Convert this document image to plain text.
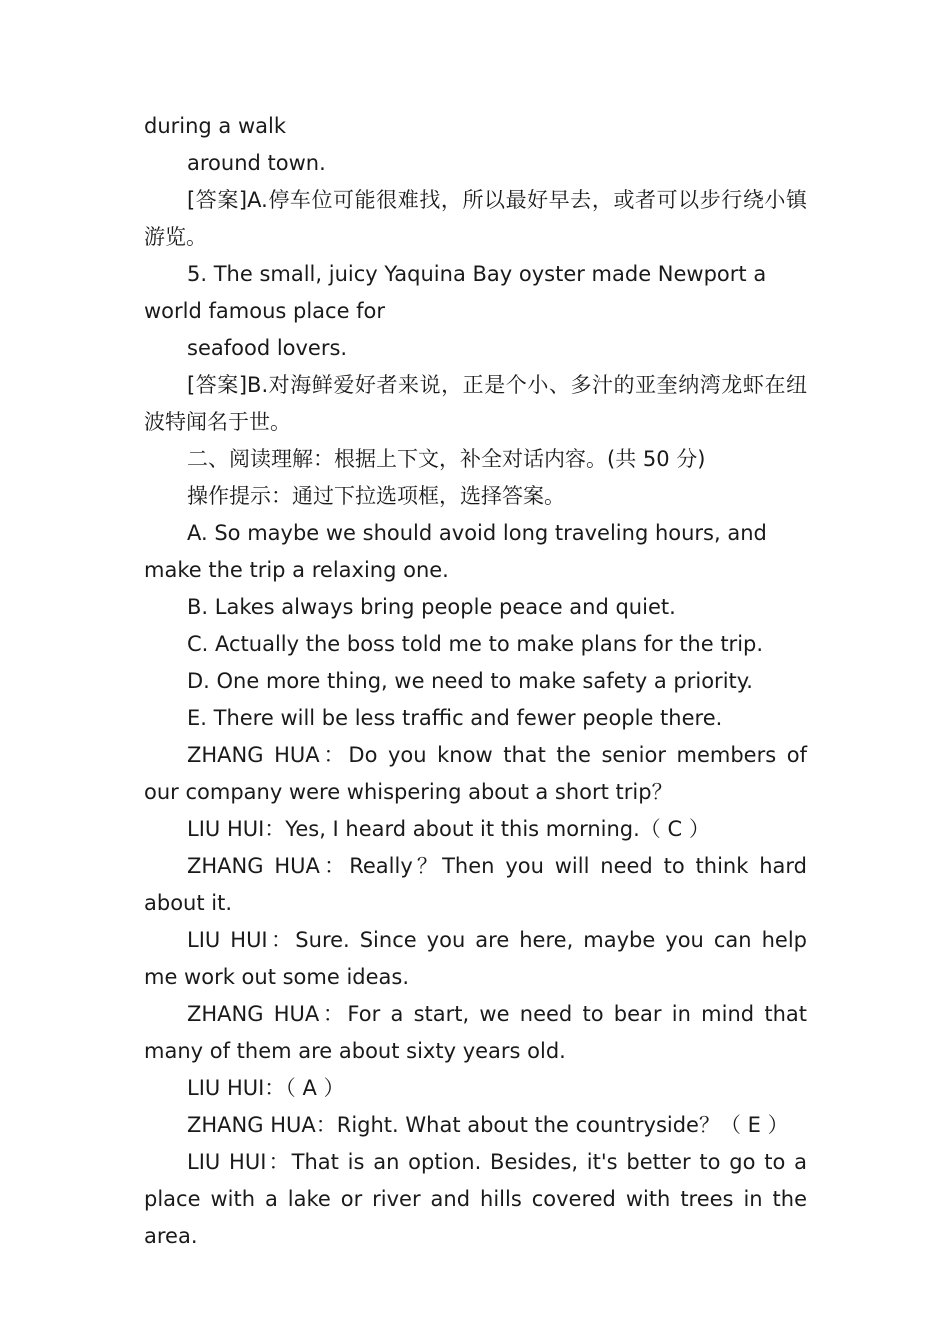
during a walk

around town.

[答案]A.停车位可能很难找，所以最好早去，或者可以步行绕小镇游览。

5. The small, juicy Yaquina Bay oyster made Newport a world famous place for

seafood lovers.

[答案]B.对海鲜爱好者来说，正是个小、多汁的亚奎纳湾龙虾在纽波特闻名于世。

二、阅读理解：根据上下文，补全对话内容。(共 50 分)

操作提示：通过下拉选项框，选择答案。

A. So maybe we should avoid long traveling hours, and make the trip a relaxing one.

B. Lakes always bring people peace and quiet.

C. Actually the boss told me to make plans for the trip.

D. One more thing, we need to make safety a priority.

E. There will be less traffic and fewer people there.

ZHANG HUA：Do you know that the senior members of our company were whispering about a short trip？

LIU HUI：Yes, I heard about it this morning.（ C ）

ZHANG HUA：Really？Then you will need to think hard about it.

LIU HUI：Sure. Since you are here, maybe you can help me work out some ideas.

ZHANG HUA：For a start, we need to bear in mind that many of them are about sixty years old.

LIU HUI：（ A ）

ZHANG HUA：Right. What about the countryside？（ E ）

LIU HUI：That is an option. Besides, it's better to go to a place with a lake or river and hills covered with trees in the area.
